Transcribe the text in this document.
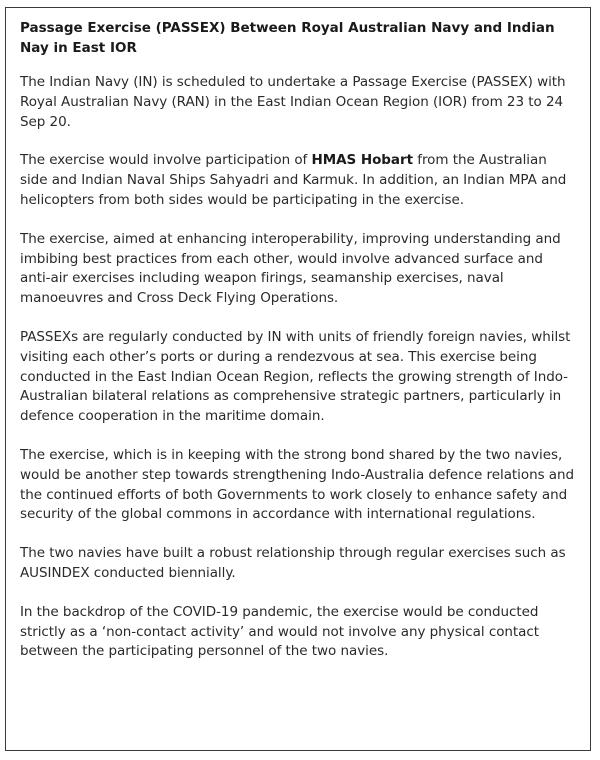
Passage Exercise (PASSEX) Between Royal Australian Navy and Indian Nay in East IOR
The Indian Navy (IN) is scheduled to undertake a Passage Exercise (PASSEX) with Royal Australian Navy (RAN) in the East Indian Ocean Region (IOR) from 23 to 24 Sep 20.
The exercise would involve participation of HMAS Hobart from the Australian side and Indian Naval Ships Sahyadri and Karmuk. In addition, an Indian MPA and helicopters from both sides would be participating in the exercise.
The exercise, aimed at enhancing interoperability, improving understanding and imbibing best practices from each other, would involve advanced surface and anti-air exercises including weapon firings, seamanship exercises, naval manoeuvres and Cross Deck Flying Operations.
PASSEXs are regularly conducted by IN with units of friendly foreign navies, whilst visiting each other’s ports or during a rendezvous at sea. This exercise being conducted in the East Indian Ocean Region, reflects the growing strength of Indo-Australian bilateral relations as comprehensive strategic partners, particularly in defence cooperation in the maritime domain.
The exercise, which is in keeping with the strong bond shared by the two navies, would be another step towards strengthening Indo-Australia defence relations and the continued efforts of both Governments to work closely to enhance safety and security of the global commons in accordance with international regulations.
The two navies have built a robust relationship through regular exercises such as AUSINDEX conducted biennially.
In the backdrop of the COVID-19 pandemic, the exercise would be conducted strictly as a ‘non-contact activity’ and would not involve any physical contact between the participating personnel of the two navies.
